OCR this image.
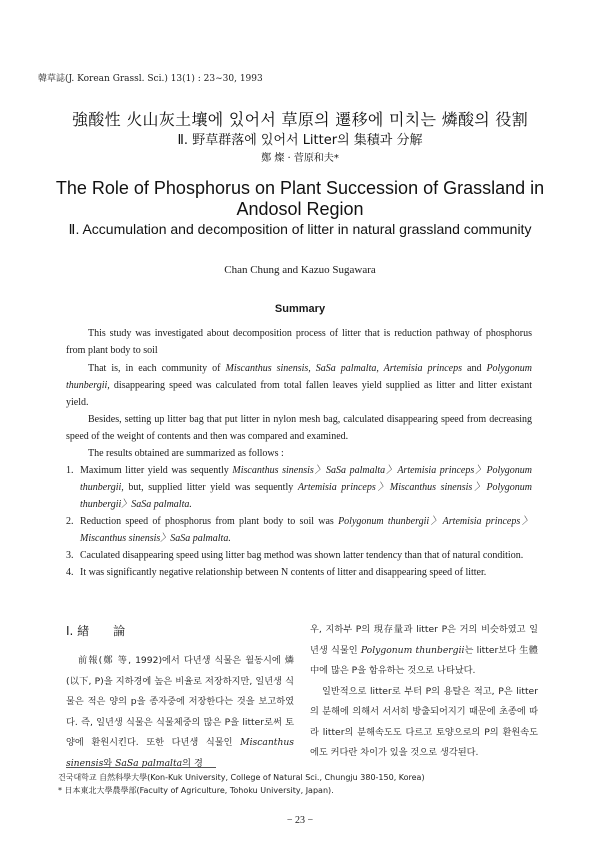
韓草誌(J. Korean Grassl. Sci.) 13(1) : 23∼30, 1993
強酸性 火山灰土壤에 있어서 草原의 遷移에 미치는 燐酸의 役割
Ⅱ. 野草群落에 있어서 Litter의 集積과 分解
鄭 燦 · 菅原和夫*
The Role of Phosphorus on Plant Succession of Grassland in Andosol Region
Ⅱ. Accumulation and decomposition of litter in natural grassland community
Chan Chung and Kazuo Sugawara
Summary

This study was investigated about decomposition process of litter that is reduction pathway of phosphorus from plant body to soil

That is, in each community of Miscanthus sinensis, SaSa palmalta, Artemisia princeps and Polygonum thunbergii, disappearing speed was calculated from total fallen leaves yield supplied as litter and litter existant yield.

Besides, setting up litter bag that put litter in nylon mesh bag, calculated disappearing speed from decreasing speed of the weight of contents and then was compared and examined.

The results obtained are summarized as follows :

1. Maximum litter yield was sequently Miscanthus sinensis〉SaSa palmalta〉Artemisia princeps〉Polygonum thunbergii, but, supplied litter yield was sequently Artemisia princeps〉Miscanthus sinensis〉Polygonum thunbergii〉SaSa palmalta.
2. Reduction speed of phosphorus from plant body to soil was Polygonum thunbergii〉Artemisia princeps〉Miscanthus sinensis〉SaSa palmalta.
3. Caculated disappearing speed using litter bag method was shown latter tendency than that of natural condition.
4. It was significantly negative relationship between N contents of litter and disappearing speed of litter.
Ⅰ. 緖　　論

前報(鄭 等, 1992)에서 다년생 식물은 월동시에 燐(以下, P)을 지하경에 높은 비율로 저장하지만, 일년생 식물은 적은 양의 p을 종자중에 저장한다는 것을 보고하였다. 즉, 일년생 식물은 식물체중의 많은 P을 litter로써 토양에 환원시킨다. 또한 다년생 식물인 Miscanthus sinensis와 SaSa palmalta의 경

우, 지하부 P의 現存量과 litter P은 거의 비슷하였고 일년생 식물인 Polygonum thunbergii는 litter보다 生體中에 많은 P을 함유하는 것으로 나타났다.

일반적으로 litter로 부터 P의 용탈은 적고, P은 litter의 분해에 의해서 서서히 방출되어지기 때문에 초종에 따라 litter의 분해속도도 다르고 토양으로의 P의 환원속도에도 커다란 차이가 있을 것으로 생각된다.

건국대학교 自然科學大學(Kon-Kuk University, College of Natural Sci., Chungju 380-150, Korea)
* 日本東北大學農學部(Faculty of Agriculture, Tohoku University, Japan).
− 23 −
